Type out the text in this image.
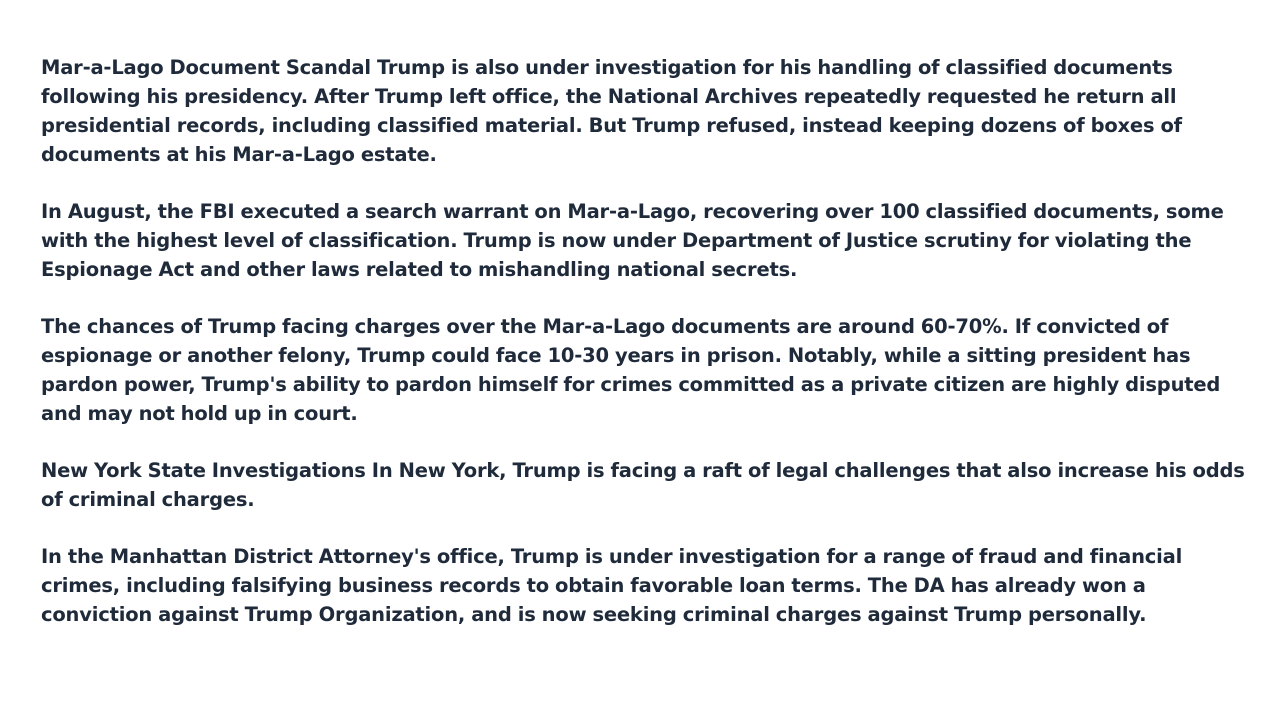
Mar-a-Lago Document Scandal Trump is also under investigation for his handling of classified documents following his presidency. After Trump left office, the National Archives repeatedly requested he return all presidential records, including classified material. But Trump refused, instead keeping dozens of boxes of documents at his Mar-a-Lago estate.

In August, the FBI executed a search warrant on Mar-a-Lago, recovering over 100 classified documents, some with the highest level of classification. Trump is now under Department of Justice scrutiny for violating the Espionage Act and other laws related to mishandling national secrets.

The chances of Trump facing charges over the Mar-a-Lago documents are around 60-70%. If convicted of espionage or another felony, Trump could face 10-30 years in prison. Notably, while a sitting president has pardon power, Trump's ability to pardon himself for crimes committed as a private citizen are highly disputed and may not hold up in court.

New York State Investigations In New York, Trump is facing a raft of legal challenges that also increase his odds of criminal charges.

In the Manhattan District Attorney's office, Trump is under investigation for a range of fraud and financial crimes, including falsifying business records to obtain favorable loan terms. The DA has already won a conviction against Trump Organization, and is now seeking criminal charges against Trump personally.
